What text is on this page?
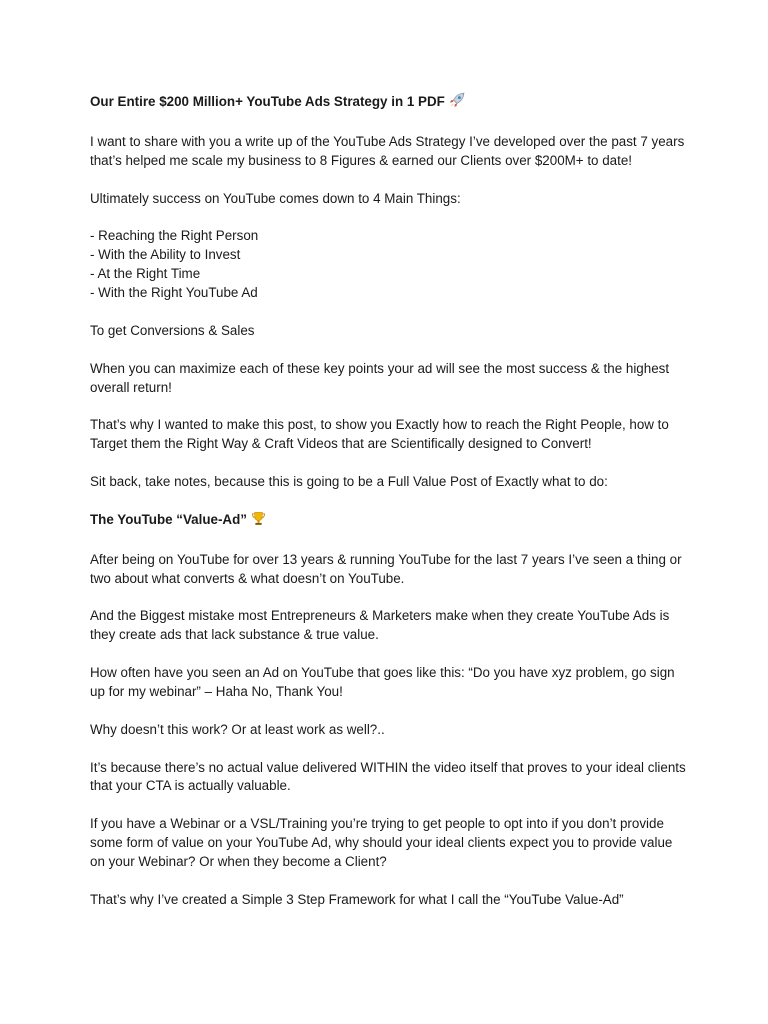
Our Entire $200 Million+ YouTube Ads Strategy in 1 PDF

I want to share with you a write up of the YouTube Ads Strategy I’ve developed over the past 7 years that’s helped me scale my business to 8 Figures & earned our Clients over $200M+ to date!

Ultimately success on YouTube comes down to 4 Main Things:

- Reaching the Right Person
- With the Ability to Invest
- At the Right Time
- With the Right YouTube Ad

To get Conversions & Sales

When you can maximize each of these key points your ad will see the most success & the highest overall return!

That’s why I wanted to make this post, to show you Exactly how to reach the Right People, how to Target them the Right Way & Craft Videos that are Scientifically designed to Convert!

Sit back, take notes, because this is going to be a Full Value Post of Exactly what to do:

The YouTube “Value-Ad”

After being on YouTube for over 13 years & running YouTube for the last 7 years I’ve seen a thing or two about what converts & what doesn’t on YouTube.

And the Biggest mistake most Entrepreneurs & Marketers make when they create YouTube Ads is they create ads that lack substance & true value.

How often have you seen an Ad on YouTube that goes like this: “Do you have xyz problem, go sign up for my webinar” – Haha No, Thank You!

Why doesn’t this work? Or at least work as well?..

It’s because there’s no actual value delivered WITHIN the video itself that proves to your ideal clients that your CTA is actually valuable.

If you have a Webinar or a VSL/Training you’re trying to get people to opt into if you don’t provide some form of value on your YouTube Ad, why should your ideal clients expect you to provide value on your Webinar? Or when they become a Client?

That’s why I’ve created a Simple 3 Step Framework for what I call the “YouTube Value-Ad”
